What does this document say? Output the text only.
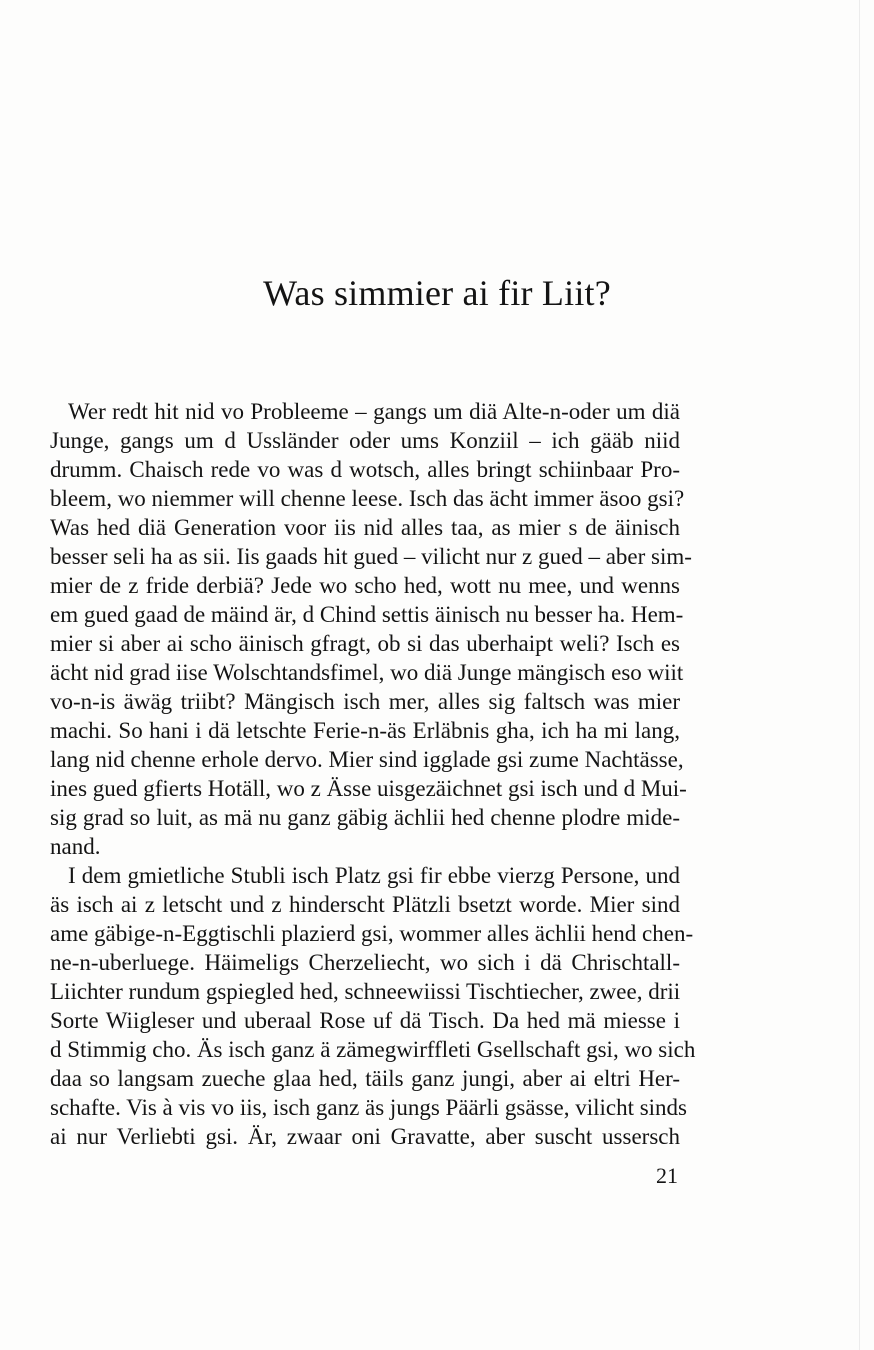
Was simmier ai fir Liit?
Wer redt hit nid vo Probleeme – gangs um diä Alte-n-oder um diä
Junge, gangs um d Ussländer oder ums Konziil – ich gääb niid
drumm. Chaisch rede vo was d wotsch, alles bringt schiinbaar Pro-
bleem, wo niemmer will chenne leese. Isch das ächt immer äsoo gsi?
Was hed diä Generation voor iis nid alles taa, as mier s de äinisch
besser seli ha as sii. Iis gaads hit gued – vilicht nur z gued – aber sim-
mier de z fride derbiä? Jede wo scho hed, wott nu mee, und wenns
em gued gaad de mäind är, d Chind settis äinisch nu besser ha. Hem-
mier si aber ai scho äinisch gfragt, ob si das uberhaipt weli? Isch es
ächt nid grad iise Wolschtandsfimel, wo diä Junge mängisch eso wiit
vo-n-is äwäg triibt? Mängisch isch mer, alles sig faltsch was mier
machi. So hani i dä letschte Ferie-n-äs Erläbnis gha, ich ha mi lang,
lang nid chenne erhole dervo. Mier sind igglade gsi zume Nachtässe,
ines gued gfierts Hotäll, wo z Ässe uisgezäichnet gsi isch und d Mui-
sig grad so luit, as mä nu ganz gäbig ächlii hed chenne plodre mide-
nand.
I dem gmietliche Stubli isch Platz gsi fir ebbe vierzg Persone, und
äs isch ai z letscht und z hinderscht Plätzli bsetzt worde. Mier sind
ame gäbige-n-Eggtischli plazierd gsi, wommer alles ächlii hend chen-
ne-n-uberluege. Häimeligs Cherzeliecht, wo sich i dä Chrischtall-
Liichter rundum gspiegled hed, schneewiissi Tischtiecher, zwee, drii
Sorte Wiigleser und uberaal Rose uf dä Tisch. Da hed mä miesse i
d Stimmig cho. Äs isch ganz ä zämegwirffleti Gsellschaft gsi, wo sich
daa so langsam zueche glaa hed, täils ganz jungi, aber ai eltri Her-
schafte. Vis à vis vo iis, isch ganz äs jungs Päärli gsässe, vilicht sinds
ai nur Verliebti gsi. Är, zwaar oni Gravatte, aber suscht ussersch
21
